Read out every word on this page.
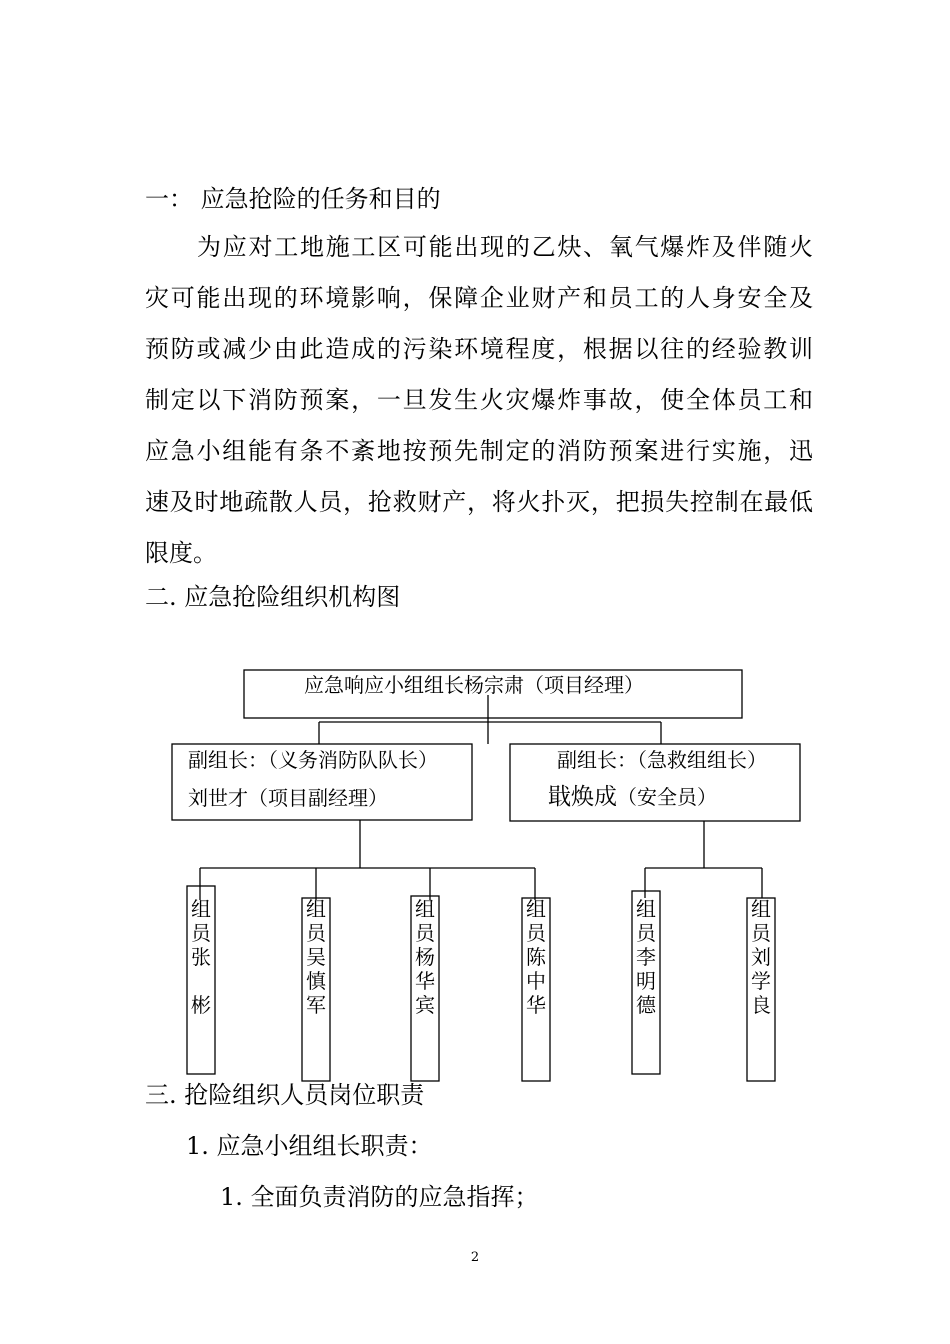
一： 应急抢险的任务和目的
为应对工地施工区可能出现的乙炔、氧气爆炸及伴随火
灾可能出现的环境影响，保障企业财产和员工的人身安全及
预防或减少由此造成的污染环境程度，根据以往的经验教训
制定以下消防预案，一旦发生火灾爆炸事故，使全体员工和
应急小组能有条不紊地按预先制定的消防预案进行实施，迅
速及时地疏散人员，抢救财产，将火扑灭，把损失控制在最低
限度。
二. 应急抢险组织机构图
应急响应小组组长杨宗肃（项目经理）
副组长：（义务消防队队长）
刘世才（项目副经理）
副组长：（急救组组长）
戢焕成（安全员）
组
员
张
彬
组
员
吴
慎
军
组
员
杨
华
宾
组
员
陈
中
华
组
员
李
明
德
组
员
刘
学
良
三. 抢险组织人员岗位职责
1. 应急小组组长职责：
1. 全面负责消防的应急指挥；
2
